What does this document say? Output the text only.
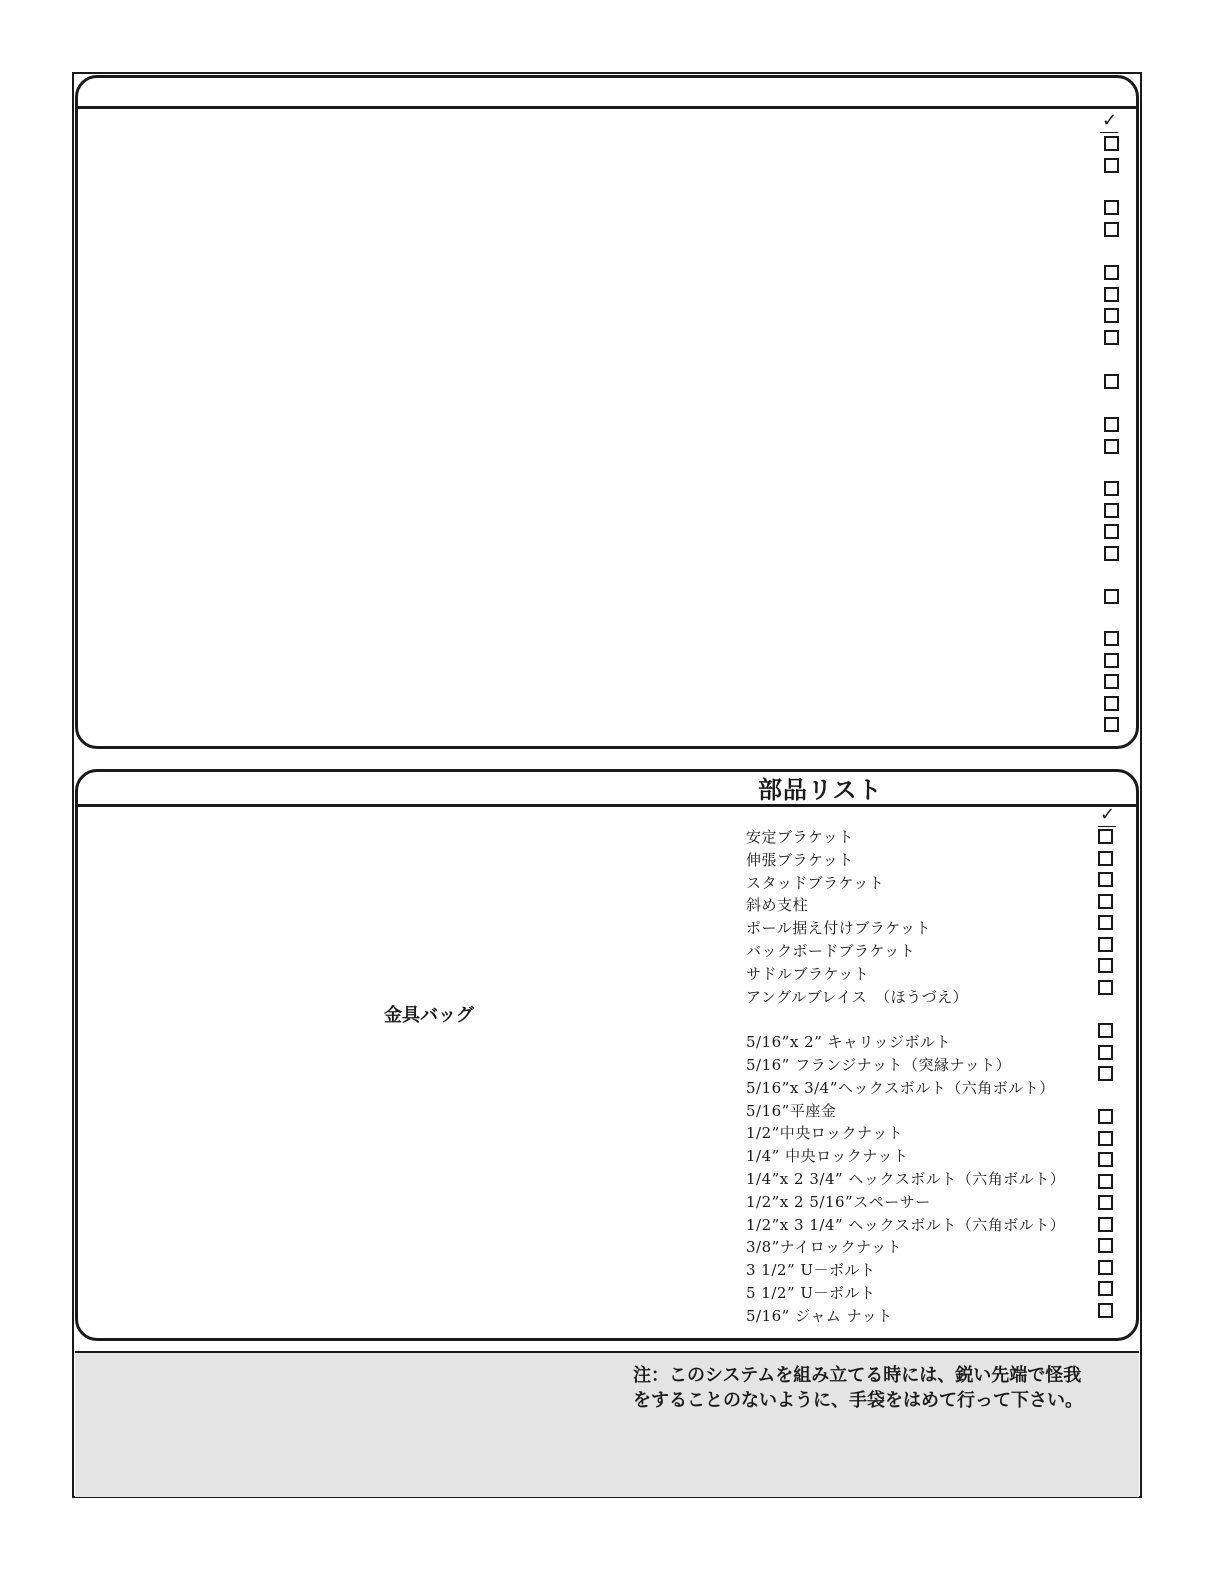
✓
部品リスト
金具バッグ
✓
安定ブラケット
伸張ブラケット
スタッドブラケット
斜め支柱
ポール据え付けブラケット
バックボードブラケット
サドルブラケット
アングルブレイス　（ほうづえ）
5/16”x 2” キャリッジボルト
5/16” フランジナット（突縁ナット）
5/16”x 3/4”ヘックスボルト（六角ボルト）
5/16”平座金
1/2”中央ロックナット
1/4” 中央ロックナット
1/4”x 2 3/4” ヘックスボルト（六角ボルト）
1/2”x 2 5/16”スペーサー
1/2”x 3 1/4” ヘックスボルト（六角ボルト）
3/8”ナイロックナット
3 1/2” U－ボルト
5 1/2” U－ボルト
5/16” ジャム ナット
注：このシステムを組み立てる時には、鋭い先端で怪我
をすることのないように、手袋をはめて行って下さい。
